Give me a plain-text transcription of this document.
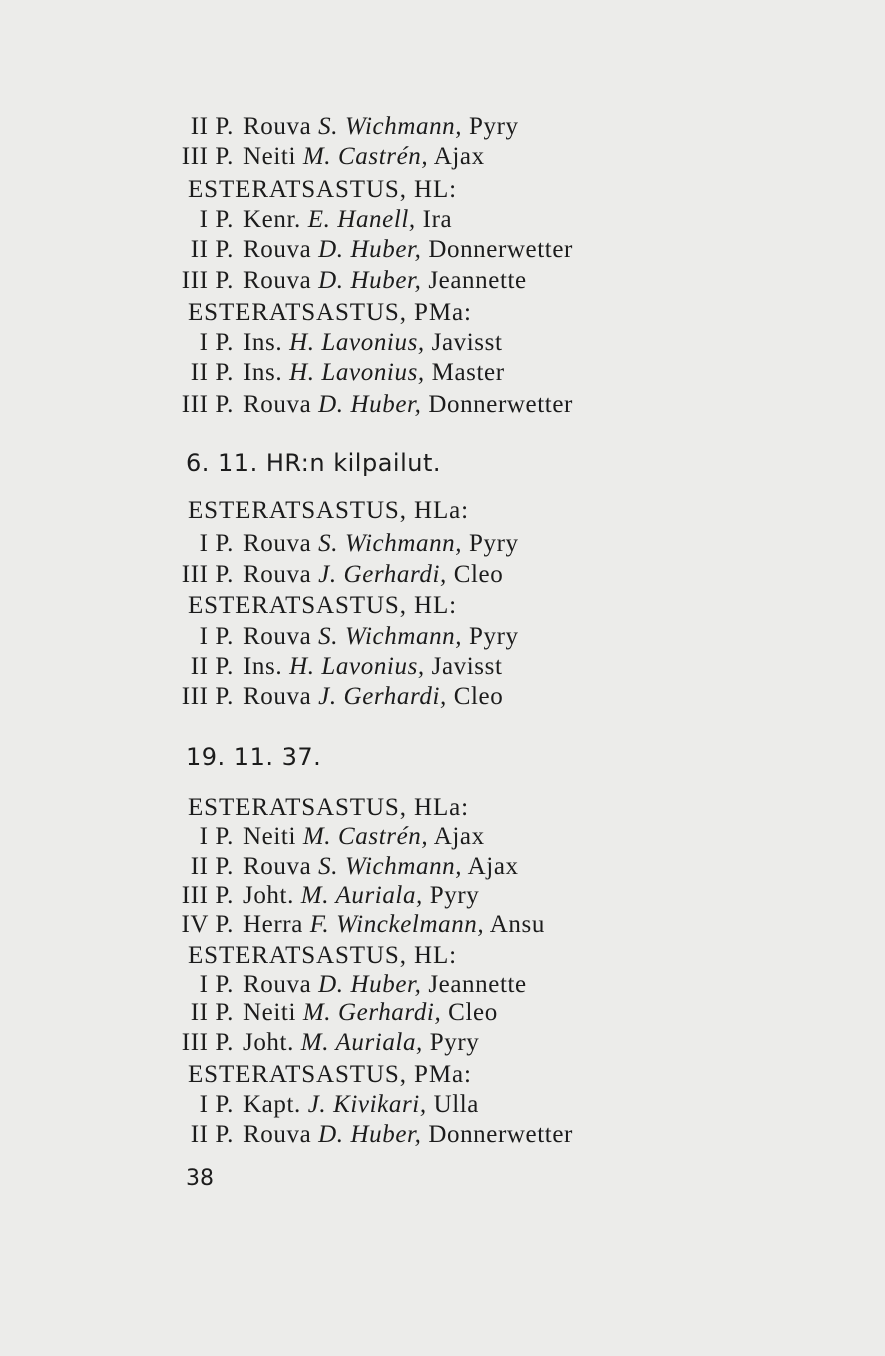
38
II P. Rouva S. Wichmann, Pyry
III P. Neiti M. Castrén, Ajax
ESTERATSASTUS, HL:
I P. Kenr. E. Hanell, Ira
II P. Rouva D. Huber, Donnerwetter
III P. Rouva D. Huber, Jeannette
ESTERATSASTUS, PMa:
I P. Ins. H. Lavonius, Javisst
II P. Ins. H. Lavonius, Master
III P. Rouva D. Huber, Donnerwetter
6. 11. HR:n kilpailut.
ESTERATSASTUS, HLa:
I P. Rouva S. Wichmann, Pyry
III P. Rouva J. Gerhardi, Cleo
ESTERATSASTUS, HL:
I P. Rouva S. Wichmann, Pyry
II P. Ins. H. Lavonius, Javisst
III P. Rouva J. Gerhardi, Cleo
19. 11. 37.
ESTERATSASTUS, HLa:
I P. Neiti M. Castrén, Ajax
II P. Rouva S. Wichmann, Ajax
III P. Joht. M. Auriala, Pyry
IV P. Herra F. Winckelmann, Ansu
ESTERATSASTUS, HL:
I P. Rouva D. Huber, Jeannette
II P. Neiti M. Gerhardi, Cleo
III P. Joht. M. Auriala, Pyry
ESTERATSASTUS, PMa:
I P. Kapt. J. Kivikari, Ulla
II P. Rouva D. Huber, Donnerwetter
